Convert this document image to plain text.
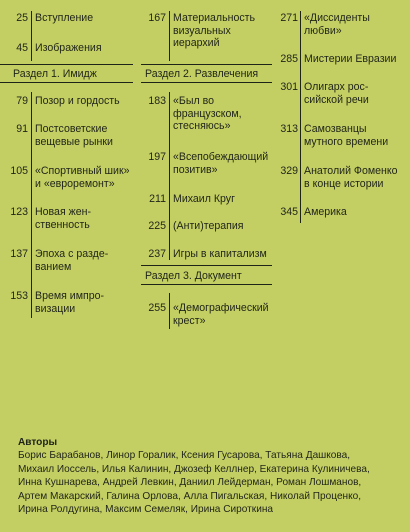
25 Вступление
45 Изображения
Раздел 1. Имидж
79 Позор и гордость
91 Постсоветские
вещевые рынки
105 «Спортивный шик»
и «евроремонт»
123 Новая жен-
ственность
137 Эпоха с разде-
ванием
153 Время импро-
визации
167 Материальность
визуальных
иерархий
Раздел 2. Развлечения
183 «Был во
французском,
стесняюсь»
197 «Всепобеждающий
позитив»
211 Михаил Круг
225 (Анти)терапия
237 Игры в капитализм
Раздел 3. Документ
255 «Демографический
крест»
271 «Диссиденты
любви»
285 Мистерии Евразии
301 Олигарх рос-
сийской речи
313 Самозванцы
мутного времени
329 Анатолий Фоменко
в конце истории
345 Америка
Авторы
Борис Барабанов, Линор Горалик, Ксения Гусарова, Татьяна Дашкова,
Михаил Иоссель, Илья Калинин, Джозеф Келлнер, Екатерина Кулиничева,
Инна Кушнарева, Андрей Левкин, Даниил Лейдерман, Роман Лошманов,
Артем Макарский, Галина Орлова, Алла Пигальская, Николай Проценко,
Ирина Ролдугина, Максим Семеляк, Ирина Сироткина
